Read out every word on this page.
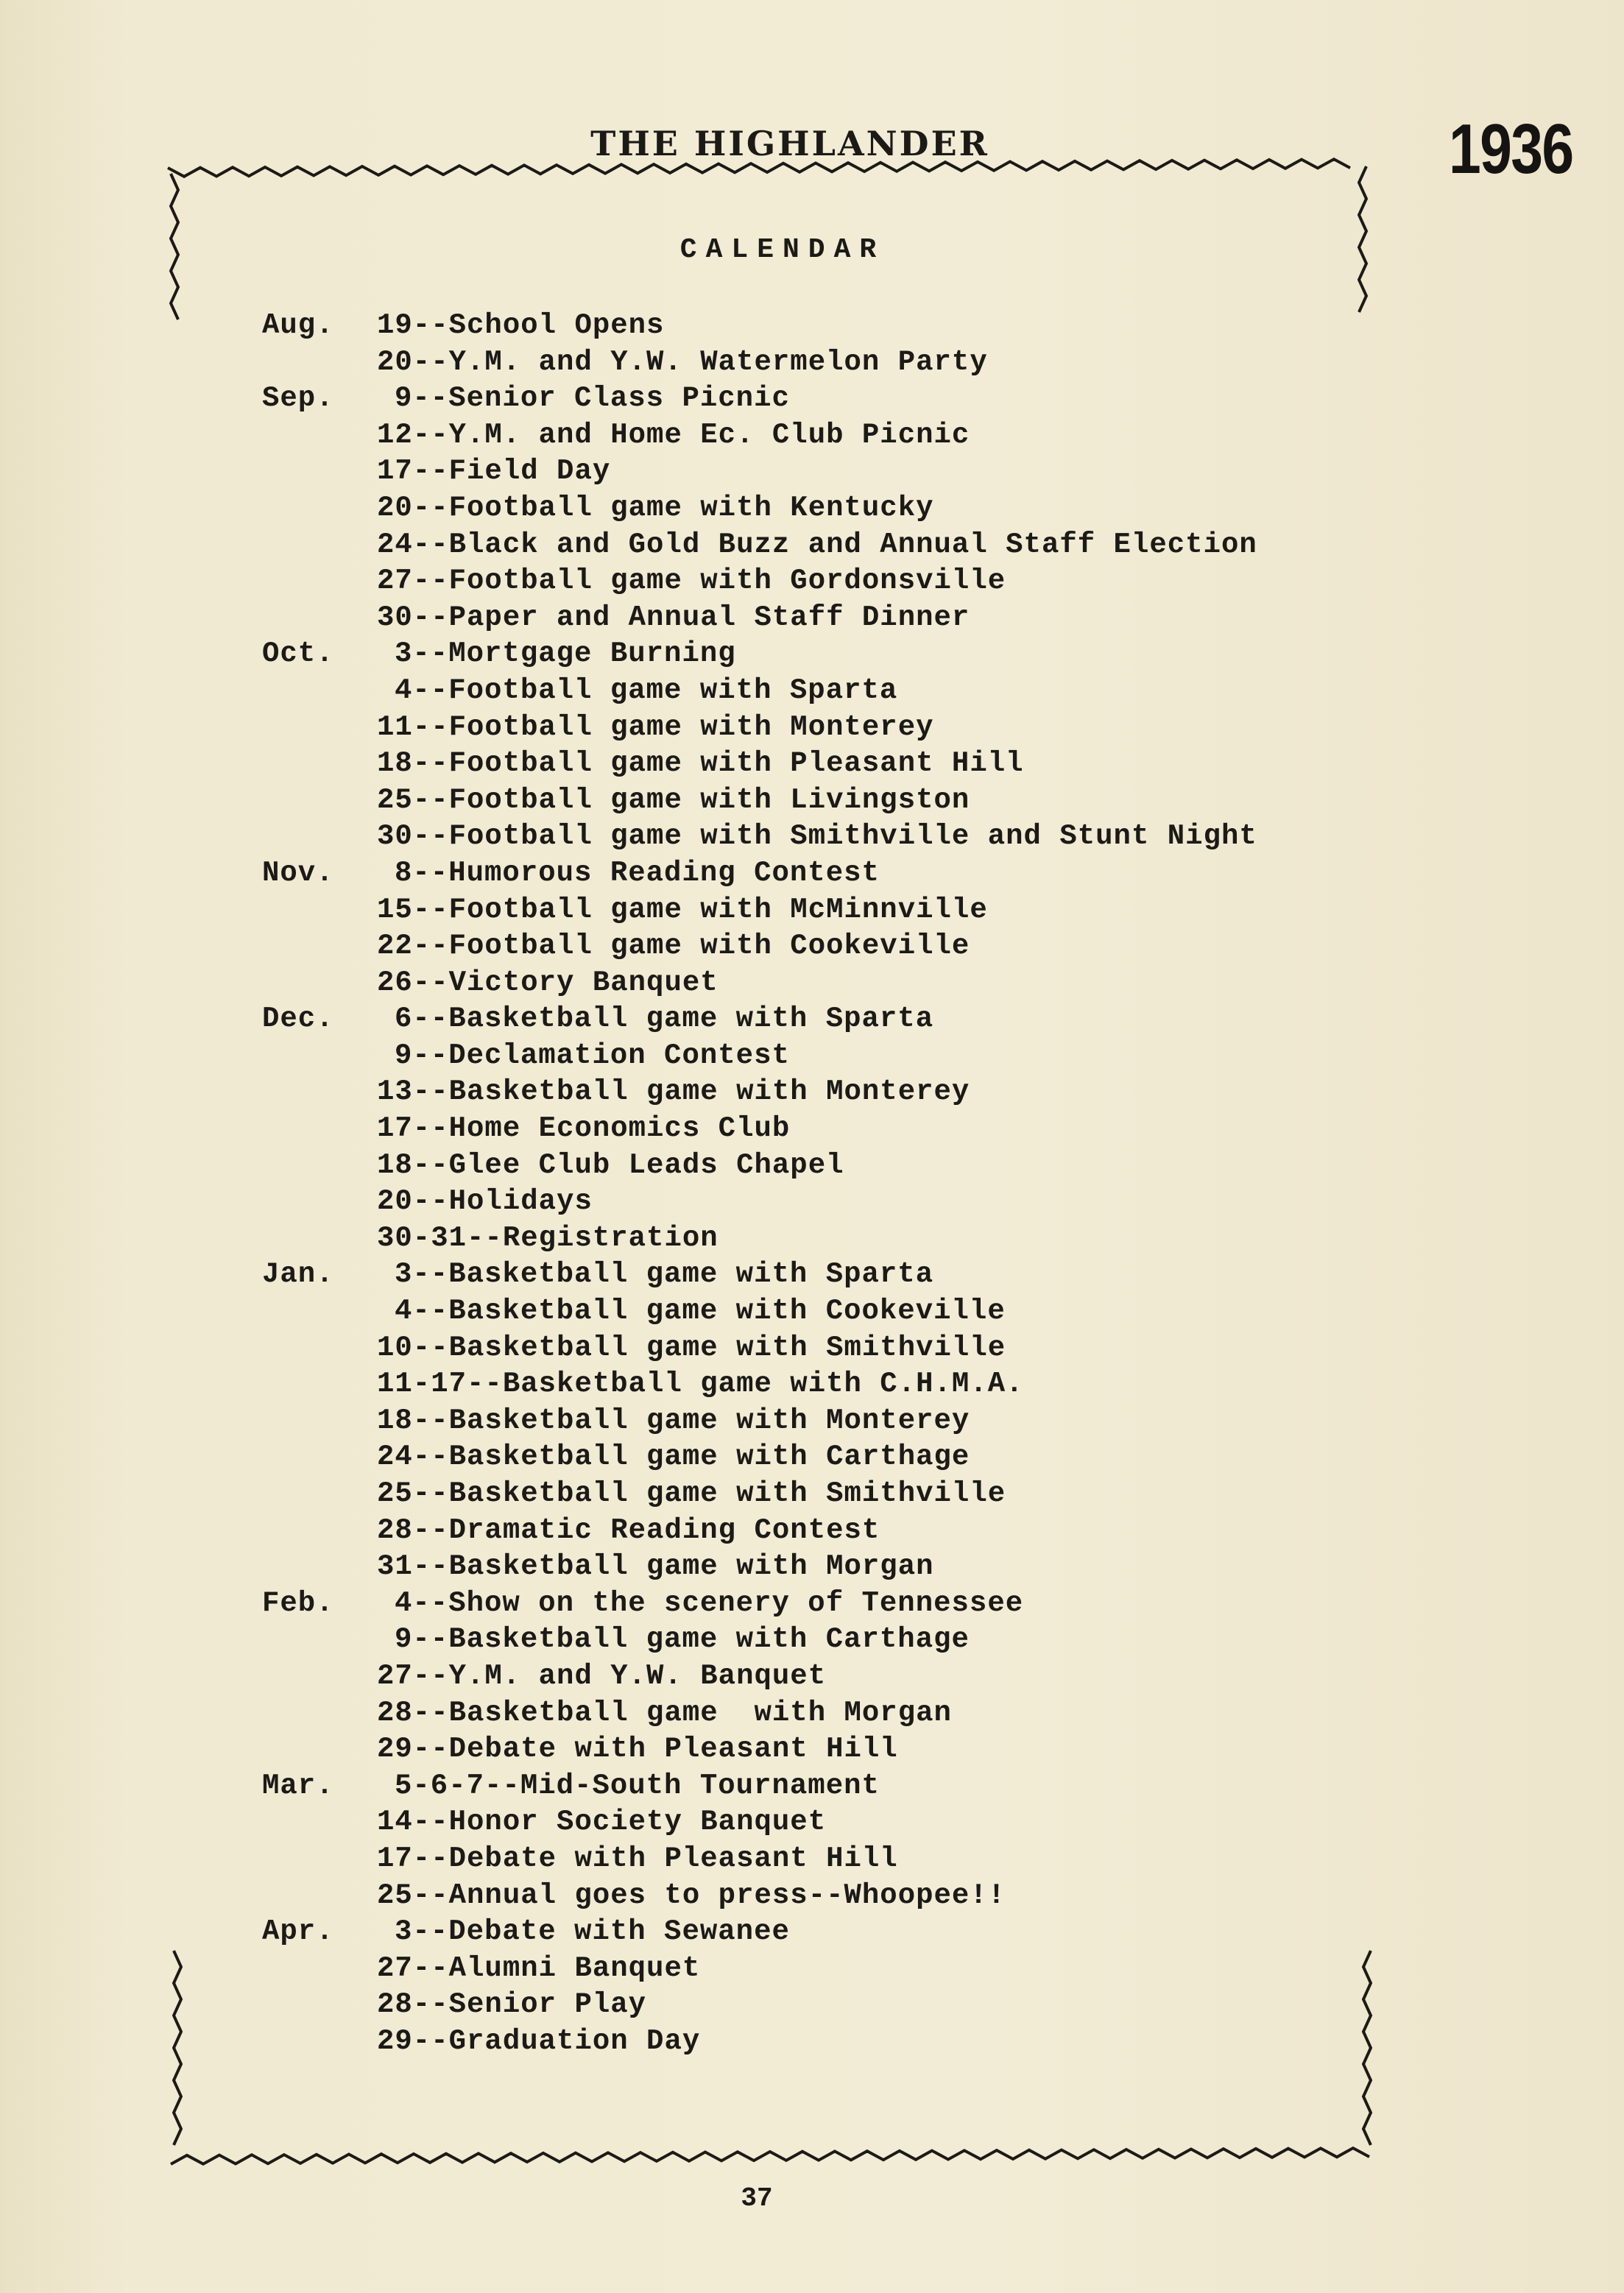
1936
THE HIGHLANDER
CALENDAR
Aug. 19--School Opens
20--Y.M. and Y.W. Watermelon Party
Sep. 9--Senior Class Picnic
12--Y.M. and Home Ec. Club Picnic
17--Field Day
20--Football game with Kentucky
24--Black and Gold Buzz and Annual Staff Election
27--Football game with Gordonsville
30--Paper and Annual Staff Dinner
Oct. 3--Mortgage Burning
4--Football game with Sparta
11--Football game with Monterey
18--Football game with Pleasant Hill
25--Football game with Livingston
30--Football game with Smithville and Stunt Night
Nov. 8--Humorous Reading Contest
15--Football game with McMinnville
22--Football game with Cookeville
26--Victory Banquet
Dec. 6--Basketball game with Sparta
9--Declamation Contest
13--Basketball game with Monterey
17--Home Economics Club
18--Glee Club Leads Chapel
20--Holidays
30-31--Registration
Jan. 3--Basketball game with Sparta
4--Basketball game with Cookeville
10--Basketball game with Smithville
11-17--Basketball game with C.H.M.A.
18--Basketball game with Monterey
24--Basketball game with Carthage
25--Basketball game with Smithville
28--Dramatic Reading Contest
31--Basketball game with Morgan
Feb. 4--Show on the scenery of Tennessee
9--Basketball game with Carthage
27--Y.M. and Y.W. Banquet
28--Basketball game  with Morgan
29--Debate with Pleasant Hill
Mar. 5-6-7--Mid-South Tournament
14--Honor Society Banquet
17--Debate with Pleasant Hill
25--Annual goes to press--Whoopee!!
Apr. 3--Debate with Sewanee
27--Alumni Banquet
28--Senior Play
29--Graduation Day
37
